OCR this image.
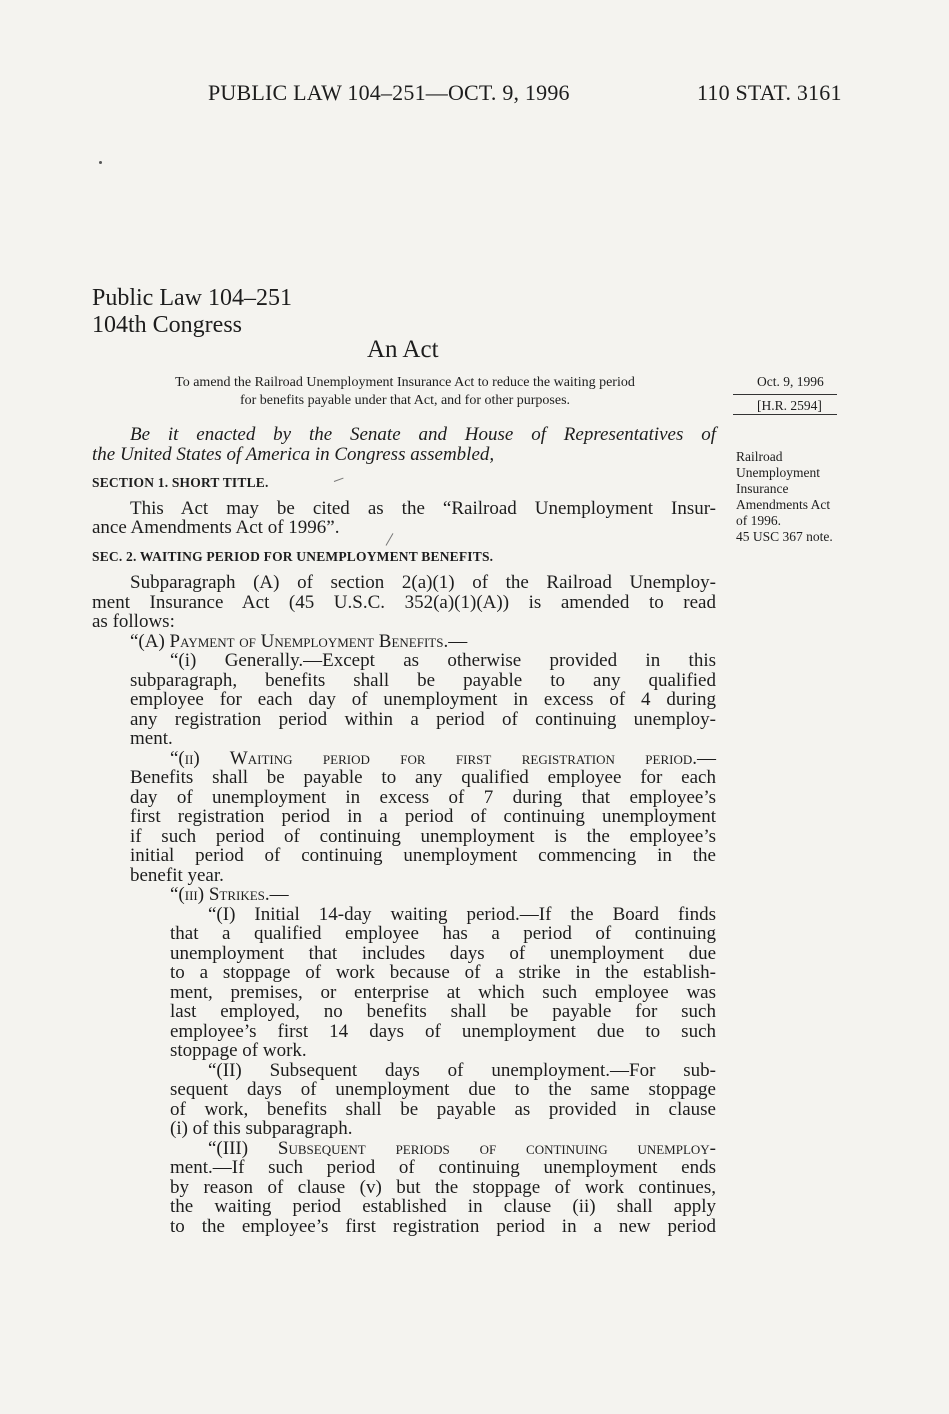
PUBLIC LAW 104–251—OCT. 9, 1996	110 STAT. 3161
Public Law 104–251
104th Congress
An Act
To amend the Railroad Unemployment Insurance Act to reduce the waiting period
for benefits payable under that Act, and for other purposes.
Oct. 9, 1996
[H.R. 2594]
Railroad
Unemployment
Insurance
Amendments Act
of 1996.
45 USC 367 note.
Be it enacted by the Senate and House of Representatives of
the United States of America in Congress assembled,
SECTION 1. SHORT TITLE.
This Act may be cited as the “Railroad Unemployment Insur-
ance Amendments Act of 1996”.
SEC. 2. WAITING PERIOD FOR UNEMPLOYMENT BENEFITS.
Subparagraph (A) of section 2(a)(1) of the Railroad Unemploy-
ment Insurance Act (45 U.S.C. 352(a)(1)(A)) is amended to read
as follows:
“(A) Payment of Unemployment Benefits.—
“(i) Generally.—Except as otherwise provided in this
subparagraph, benefits shall be payable to any qualified
employee for each day of unemployment in excess of 4 during
any registration period within a period of continuing unemploy-
ment.
“(ii) Waiting period for first registration period.—
Benefits shall be payable to any qualified employee for each
day of unemployment in excess of 7 during that employee’s
first registration period in a period of continuing unemployment
if such period of continuing unemployment is the employee’s
initial period of continuing unemployment commencing in the
benefit year.
“(iii) Strikes.—
“(I) Initial 14-day waiting period.—If the Board finds
that a qualified employee has a period of continuing
unemployment that includes days of unemployment due
to a stoppage of work because of a strike in the establish-
ment, premises, or enterprise at which such employee was
last employed, no benefits shall be payable for such
employee’s first 14 days of unemployment due to such
stoppage of work.
“(II) Subsequent days of unemployment.—For sub-
sequent days of unemployment due to the same stoppage
of work, benefits shall be payable as provided in clause
(i) of this subparagraph.
“(III) Subsequent periods of continuing unemploy-
ment.—If such period of continuing unemployment ends
by reason of clause (v) but the stoppage of work continues,
the waiting period established in clause (ii) shall apply
to the employee’s first registration period in a new period
